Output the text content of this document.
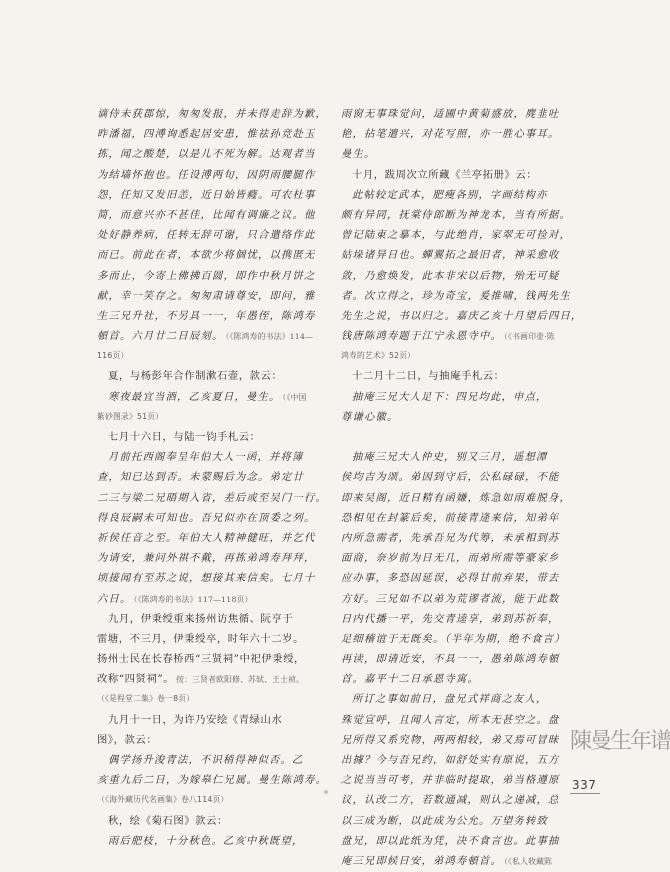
谪侍未获郡惊，匆匆发报，并未得走辞为歉，
昨潘福，四溥询悉起居安患，惟祛孙竞赴玉
拣，闻之酸楚，以是儿不死为解。达观者当
为结墙怀抱也。任设溥两旬，因阴雨腰腿作
怨，任知又发旧恙，近日始皆癃。可农杜事
简，而意兴亦不甚佳，比闻有调廉之议。他
处好静养病，任转无辞可谢，只合遣络作此
而已。前此在者，本欲少将個忧，以携匿无
多而止，今寄上佛拂百圆，即作中秋月饼之
献，幸一笑存之。匆匆肃请尊安，即问，雅
生三兄升社，不另具一一，年愚侄，陈鸿寿
頓首。六月廿二日辰刻。 （《陈鸿寿的书法》114—
116页）
夏，与杨彭年合作制漱石壶，款云：
寒夜最宜当酒，乙亥夏日，曼生。 （《中国
紫砂图录》51页）
七月十六日，与陆一钧手札云：
月前托西阁奉呈年伯大人一函，并将簿
查，知已达到否。未蒙赐后为念。弟定廿
二三与梁二兄晤期入省，差后或至吴门一行。
得良辰嗣未可知也。吾兄似亦在顶委之列。
祈侯任音之至。年伯大人精神健旺，并乞代
为请安，兼问外祺不戴，再拣弟鸿寿拜拜，
顷接闻有至苏之说，想接其来信矣。七月十
六日。 （《陈鸿寿的书法》117—118页）
九月，伊秉绶重来扬州访焦循、阮亨于
雷塘，不三月，伊秉绶卒，时年六十二岁。
扬州士民在长春桥西“三贤祠”中祀伊秉绶，
改称“四贤祠”。 按：三贤者欧阳修、苏轼、王士祯。
（《是程堂二集》卷一8页）
九月十一日，为许乃安绘《青绿山水
图》，款云：
偶学扬升浚青法，不识稍得神似否。乙
亥重九后二日，为嫁皋仁兄属。曼生陈鸿寿。
（《海外藏历代名画集》卷八114页）
秋，绘《菊石图》款云：
雨后肥枝，十分秋色。乙亥中秋既望，
雨窗无事珠觉问，适圃中黄菊盛放，麂韭吐
艳，拈笔遣兴，对花写照，亦一胜心事耳。
曼生。
十月，跋周次立所藏《兰亭拓册》云：
此帖较定武本，肥瘦各别，字画结构亦
颇有异同，抚棠侍郎断为神龙本，当有所据。
曾记陆東之摹本，与此绝肖，家翠无可捡对，
姑垛诸异日也。蟬翼拓之最旧者，神采愈收
敛，乃愈焕发，此本非宋以后物，殆无可疑
者。次立得之，珍为奇宝，爰推啸，钱两先生
先生之说，书以归之。嘉庆乙亥十月望后四日，
钱唐陈鸿寿题于江宁永恩寺中。 （《书画印壶·陈
鸿寿的艺术》52页）
十二月十二日，与抽庵手札云：
抽庵三兄大人足下：四兄均此，申点，
尊谦心徽。
抽庵三兄大人仲史，别又三月，遥想潭
侯均吉为颂。弟因到守后，公私碌碌，不能
即来吴阁，近日精有函嫌，炼急如雨难脱身，
恐相见在封篆后矣，前接青逄来信，知弟年
内所急需者，先承吾兄为代筹，未承相到苏
面商，奈岁前为日无几，而弟所需等豪家乡
应办事，多恐因延误，必得甘前弃果，带去
方好。三兄如不以弟为荒谬者流，能于此数
日内代播一平，先交青逵享，弟到苏祈奉，
足细稽谊于无既矣。（半年为期，绝不食言）
再读，即请近安，不具一一，愚弟陈鸿寿頓
首。嘉平十二日承恩寺寓。
所订之事如前日，盘兄式祥商之友人，
殊觉宣呼，且闻人言定，所本无甚空之。盘
兄所得又系究物，两两相较，弟又焉可冒昧
出據？今与吾兄约，如舒处实有原说，五方
之说当当可考，并非临时提取，弟当格遵原
议，认改二方，若数通减，则认之递减，总
以三成为断，以此成为公允。万望务转致
盘兄，即以此纸为凭，决不食言也。此事抽
庵三兄即候日安，弟鸿寿頓首。 （《私人收藏陈
陳曼生年谱
337
